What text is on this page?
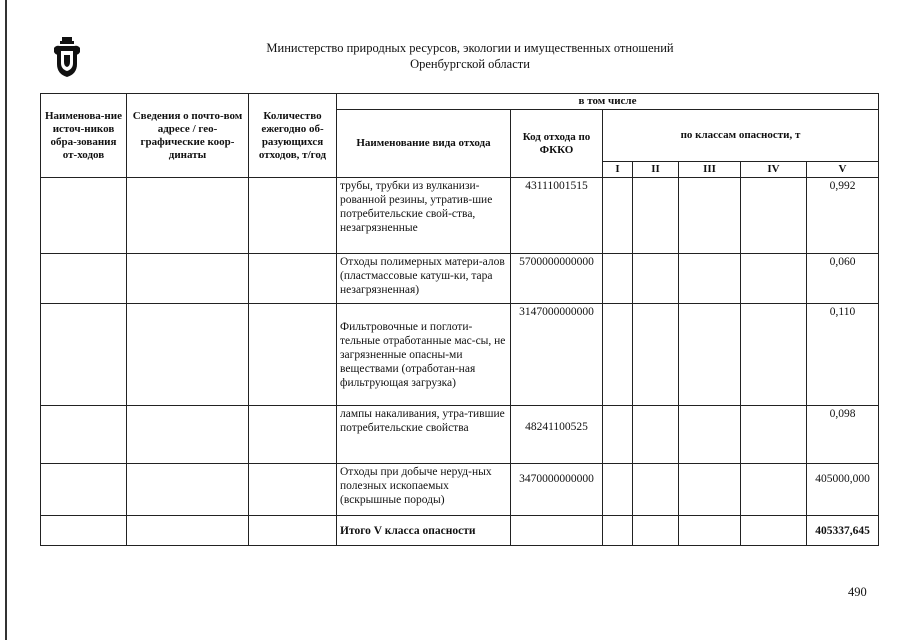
Министерство природных ресурсов, экологии и имущественных отношений
Оренбургской области
Наименова-ние источ-ников обра-зования от-ходов	Сведения о почто-вом адресе / гео-графические коор-динаты	Количество ежегодно об-разующихся отходов, т/год	в том числе						
			Наименование вида отхода	Код отхода по ФККО	по классам опасности, т				
					I	II	III	IV	V
			трубы, трубки из вулканизи-рованной резины, утратив-шие потребительские свой-ства, незагрязненные	43111001515					0,992
			Отходы полимерных матери-алов (пластмассовые катуш-ки, тара незагрязненная)	5700000000000					0,060
			Фильтровочные и поглоти-тельные отработанные мас-сы, не загрязненные опасны-ми веществами (отработан-ная фильтрующая загрузка)	3147000000000					0,110
			лампы накаливания, утра-тившие потребительские свойства	48241100525					0,098
			Отходы при добыче неруд-ных полезных ископаемых (вскрышные породы)	3470000000000					405000,000
			Итого V класса опасности						405337,645
490
